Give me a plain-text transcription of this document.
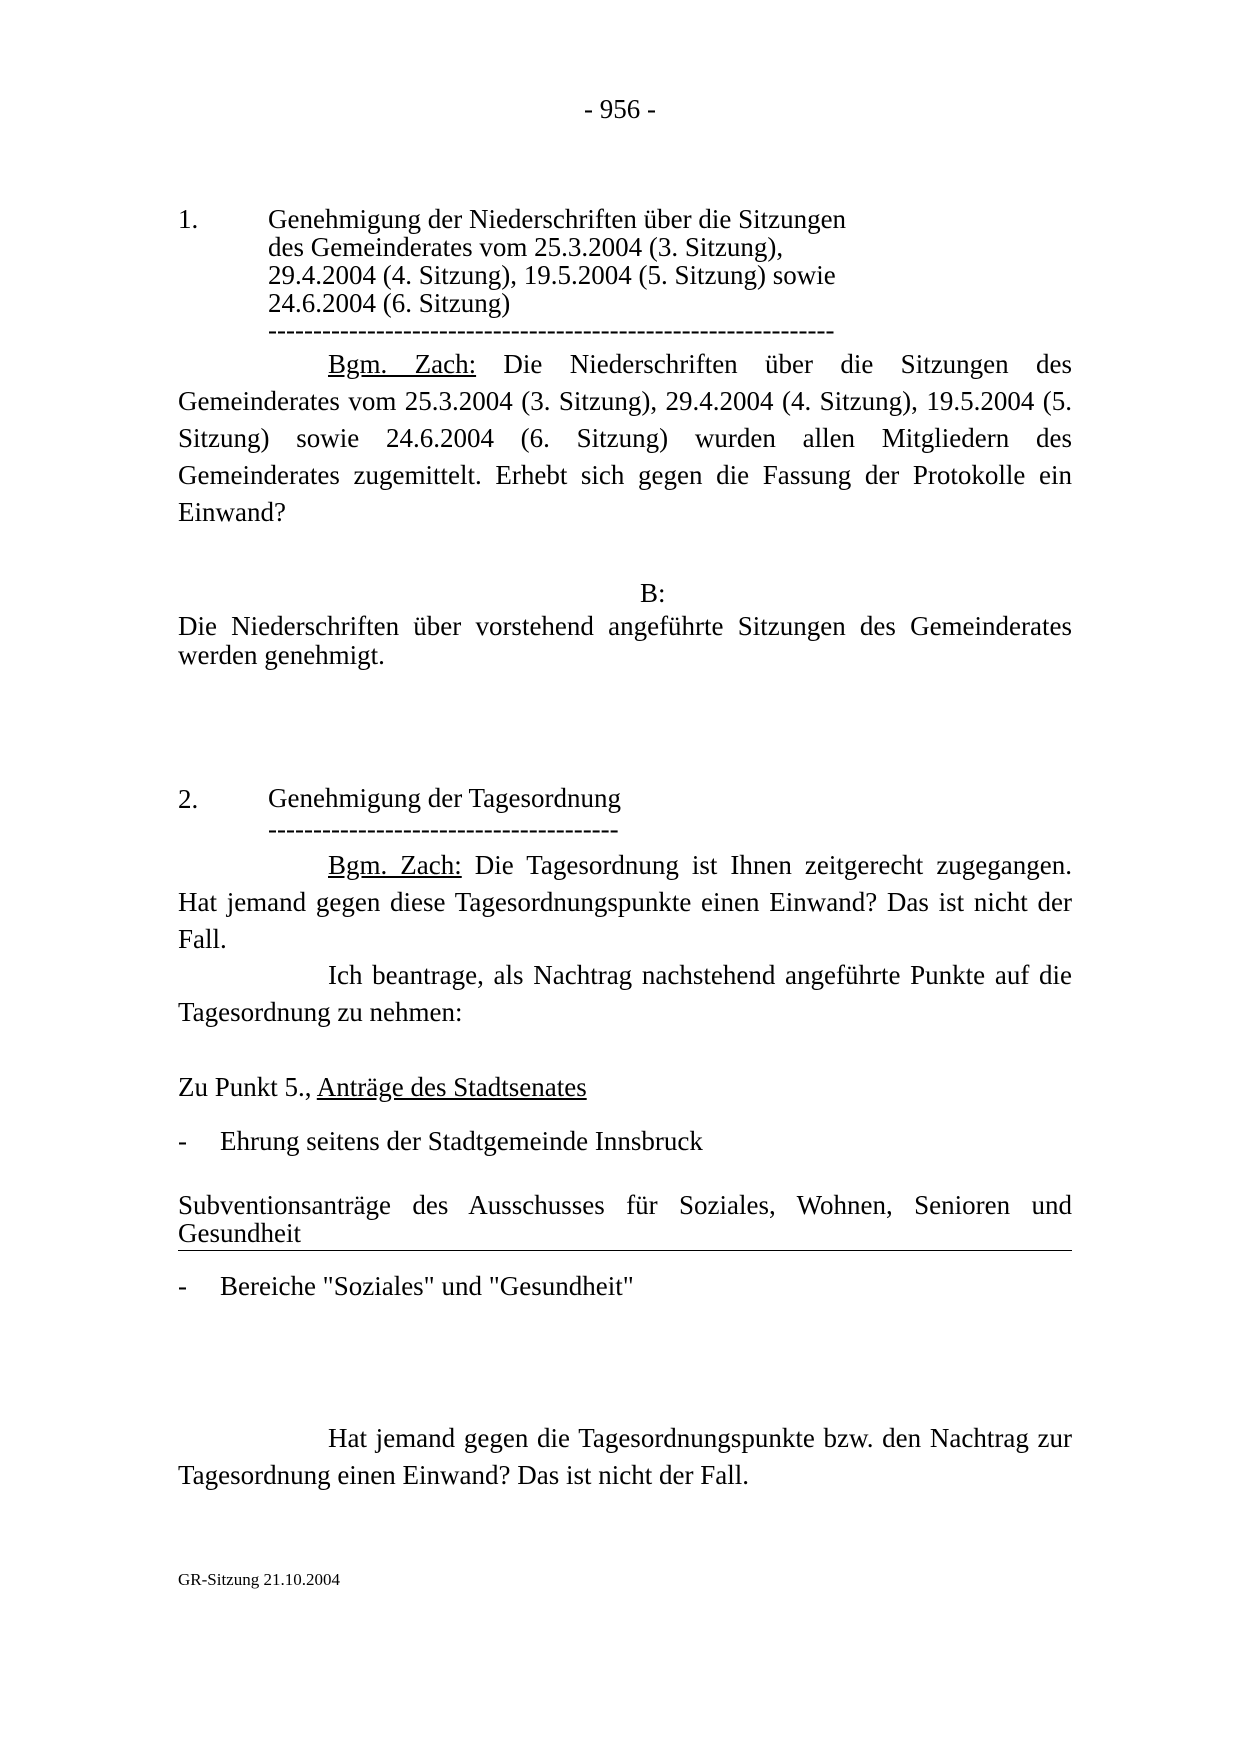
- 956 -
1.	Genehmigung der Niederschriften über die Sitzungen
des Gemeinderates vom 25.3.2004 (3. Sitzung),
29.4.2004 (4. Sitzung), 19.5.2004 (5. Sitzung) sowie
24.6.2004 (6. Sitzung)
---------------------------------------------------------------
Bgm. Zach: Die Niederschriften über die Sitzungen des Gemeinderates vom 25.3.2004 (3. Sitzung), 29.4.2004 (4. Sitzung), 19.5.2004 (5. Sitzung) sowie 24.6.2004 (6. Sitzung) wurden allen Mitgliedern des Gemeinderates zugemittelt. Erhebt sich gegen die Fassung der Protokolle ein Einwand?
B:
Die Niederschriften über vorstehend angeführte Sitzungen des Gemeinderates werden genehmigt.
2.	Genehmigung der Tagesordnung
---------------------------------------
Bgm. Zach: Die Tagesordnung ist Ihnen zeitgerecht zugegangen. Hat jemand gegen diese Tagesordnungspunkte einen Einwand? Das ist nicht der Fall.
Ich beantrage, als Nachtrag nachstehend angeführte Punkte auf die Tagesordnung zu nehmen:
Zu Punkt 5., Anträge des Stadtsenates
- Ehrung seitens der Stadtgemeinde Innsbruck
Subventionsanträge des Ausschusses für Soziales, Wohnen, Senioren und Gesundheit
- Bereiche "Soziales" und "Gesundheit"
Hat jemand gegen die Tagesordnungspunkte bzw. den Nachtrag zur Tagesordnung einen Einwand? Das ist nicht der Fall.
GR-Sitzung 21.10.2004
